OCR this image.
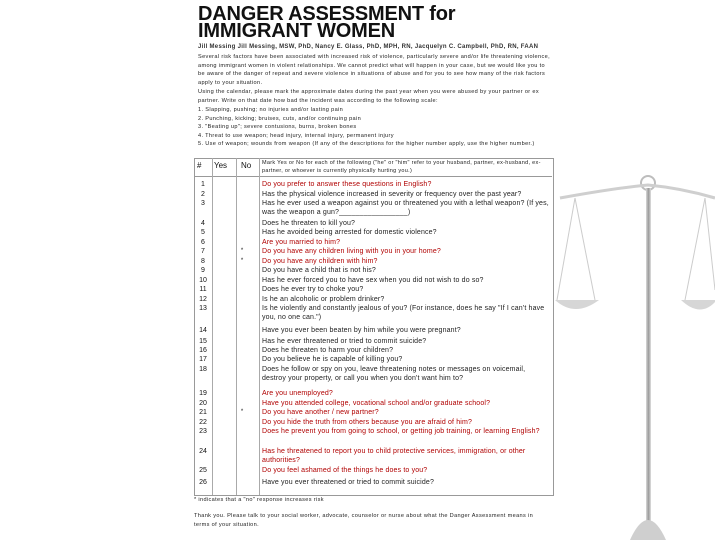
DANGER ASSESSMENT for
IMMIGRANT WOMEN
Jill Messing Jill Messing, MSW, PhD, Nancy E. Glass, PhD, MPH, RN, Jacquelyn C. Campbell, PhD, RN, FAAN
Several risk factors have been associated with increased risk of violence, particularly severe and/or life threatening violence, among immigrant women in violent relationships. We cannot predict what will happen in your case, but we would like you to be aware of the danger of repeat and severe violence in situations of abuse and for you to see how many of the risk factors apply to your situation.
Using the calendar, please mark the approximate dates during the past year when you were abused by your partner or ex partner. Write on that date how bad the incident was according to the following scale:
1. Slapping, pushing; no injuries and/or lasting pain
2. Punching, kicking; bruises, cuts, and/or continuing pain
3. "Beating up"; severe contusions, burns, broken bones
4. Threat to use weapon; head injury, internal injury, permanent injury
5. Use of weapon; wounds from weapon (If any of the descriptions for the higher number apply, use the higher number.)
# Yes No Mark Yes or No for each of the following ("he" or "him" refer to your husband, partner, ex-husband, ex-partner, or whoever is currently physically hurting you.)
1	Do you prefer to answer these questions in English?
2	Has the physical violence increased in severity or frequency over the past year?
3	Has he ever used a weapon against you or threatened you with a lethal weapon? (If yes, was the weapon a gun?_________________)
4	Does he threaten to kill you?
5	Has he avoided being arrested for domestic violence?
6	Are you married to him?
7	*	Do you have any children living with you in your home?
8	*	Do you have any children with him?
9	Do you have a child that is not his?
10	Has he ever forced you to have sex when you did not wish to do so?
11	Does he ever try to choke you?
12	Is he an alcoholic or problem drinker?
13	Is he violently and constantly jealous of you? (For instance, does he say "If I can't have you, no one can.")
14	Have you ever been beaten by him while you were pregnant?
15	Has he ever threatened or tried to commit suicide?
16	Does he threaten to harm your children?
17	Do you believe he is capable of killing you?
18	Does he follow or spy on you, leave threatening notes or messages on voicemail, destroy your property, or call you when you don't want him to?
19	Are you unemployed?
20	Have you attended college, vocational school and/or graduate school?
21	*	Do you have another / new partner?
22	Do you hide the truth from others because you are afraid of him?
23	Does he prevent you from going to school, or getting job training, or learning English?
24	Has he threatened to report you to child protective services, immigration, or other authorities?
25	Do you feel ashamed of the things he does to you?
26	Have you ever threatened or tried to commit suicide?
* indicates that a "no" response increases risk
Thank you. Please talk to your social worker, advocate, counselor or nurse about what the Danger Assessment means in terms of your situation.
